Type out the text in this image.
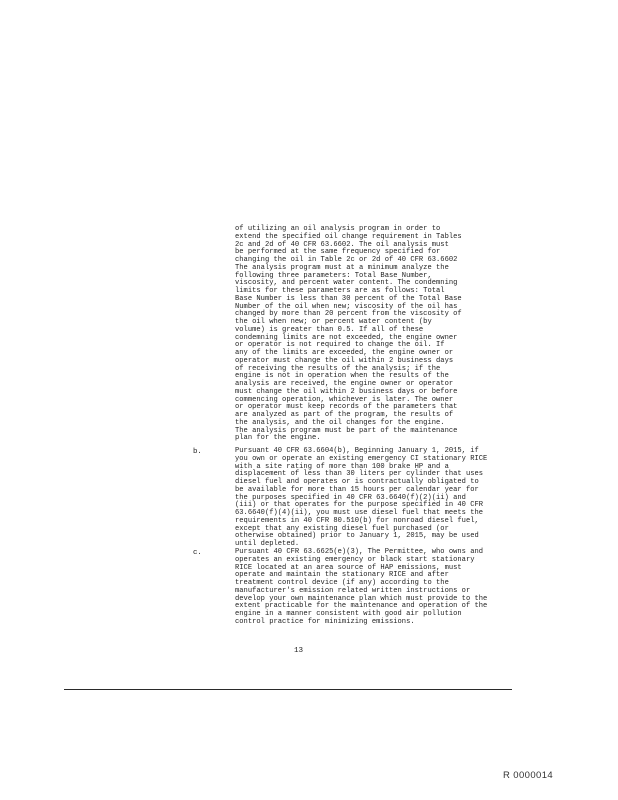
of utilizing an oil analysis program in order to
extend the specified oil change requirement in Tables
2c and 2d of 40 CFR 63.6602. The oil analysis must
be performed at the same frequency specified for
changing the oil in Table 2c or 2d of 40 CFR 63.6602
The analysis program must at a minimum analyze the
following three parameters: Total Base Number,
viscosity, and percent water content. The condemning
limits for these parameters are as follows: Total
Base Number is less than 30 percent of the Total Base
Number of the oil when new; viscosity of the oil has
changed by more than 20 percent from the viscosity of
the oil when new; or percent water content (by
volume) is greater than 0.5. If all of these
condemning limits are not exceeded, the engine owner
or operator is not required to change the oil. If
any of the limits are exceeded, the engine owner or
operator must change the oil within 2 business days
of receiving the results of the analysis; if the
engine is not in operation when the results of the
analysis are received, the engine owner or operator
must change the oil within 2 business days or before
commencing operation, whichever is later. The owner
or operator must keep records of the parameters that
are analyzed as part of the program, the results of
the analysis, and the oil changes for the engine.
The analysis program must be part of the maintenance
plan for the engine.

b.	Pursuant 40 CFR 63.6604(b), Beginning January 1, 2015, if
you own or operate an existing emergency CI stationary RICE
with a site rating of more than 100 brake HP and a
displacement of less than 30 liters per cylinder that uses
diesel fuel and operates or is contractually obligated to
be available for more than 15 hours per calendar year for
the purposes specified in 40 CFR 63.6640(f)(2)(ii) and
(iii) or that operates for the purpose specified in 40 CFR
63.6640(f)(4)(ii), you must use diesel fuel that meets the
requirements in 40 CFR 80.510(b) for nonroad diesel fuel,
except that any existing diesel fuel purchased (or
otherwise obtained) prior to January 1, 2015, may be used
until depleted.

c.	Pursuant 40 CFR 63.6625(e)(3), The Permittee, who owns and
operates an existing emergency or black start stationary
RICE located at an area source of HAP emissions, must
operate and maintain the stationary RICE and after
treatment control device (if any) according to the
manufacturer's emission related written instructions or
develop your own maintenance plan which must provide to the
extent practicable for the maintenance and operation of the
engine in a manner consistent with good air pollution
control practice for minimizing emissions.

13
R 0000014
